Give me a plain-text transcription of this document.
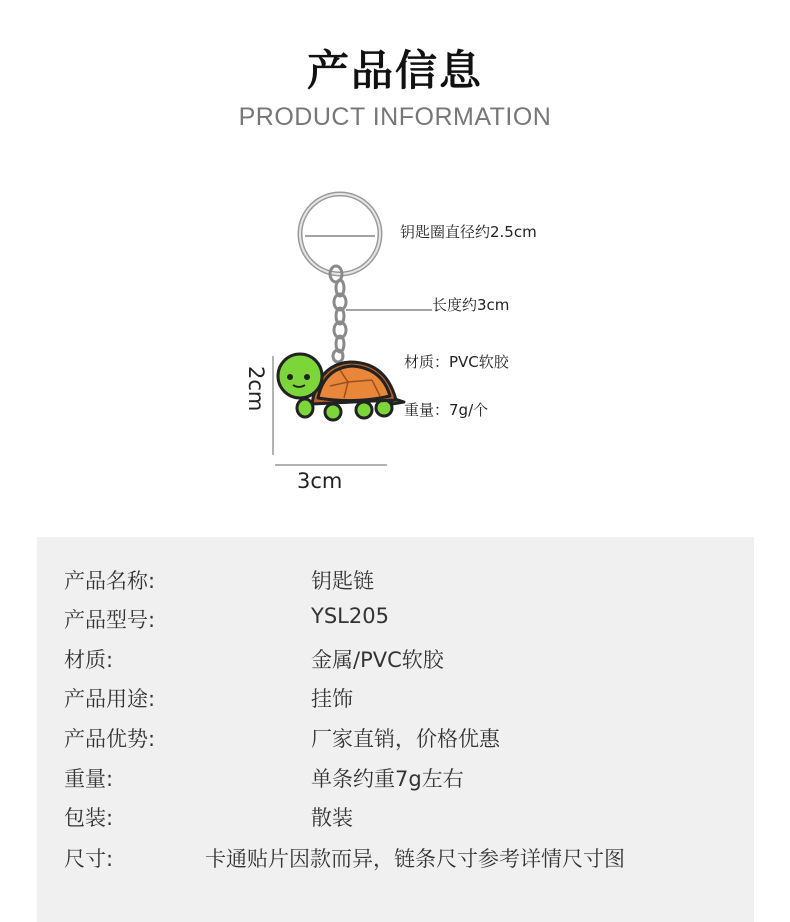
产品信息
PRODUCT INFORMATION
钥匙圈直径约2.5cm
长度约3cm
材质：PVC软胶
重量：7g/个
2cm
3cm
产品名称:	钥匙链
产品型号:	YSL205
材质:	金属/PVC软胶
产品用途:	挂饰
产品优势:	厂家直销，价格优惠
重量:	单条约重7g左右
包装:	散装
尺寸:	卡通贴片因款而异，链条尺寸参考详情尺寸图
